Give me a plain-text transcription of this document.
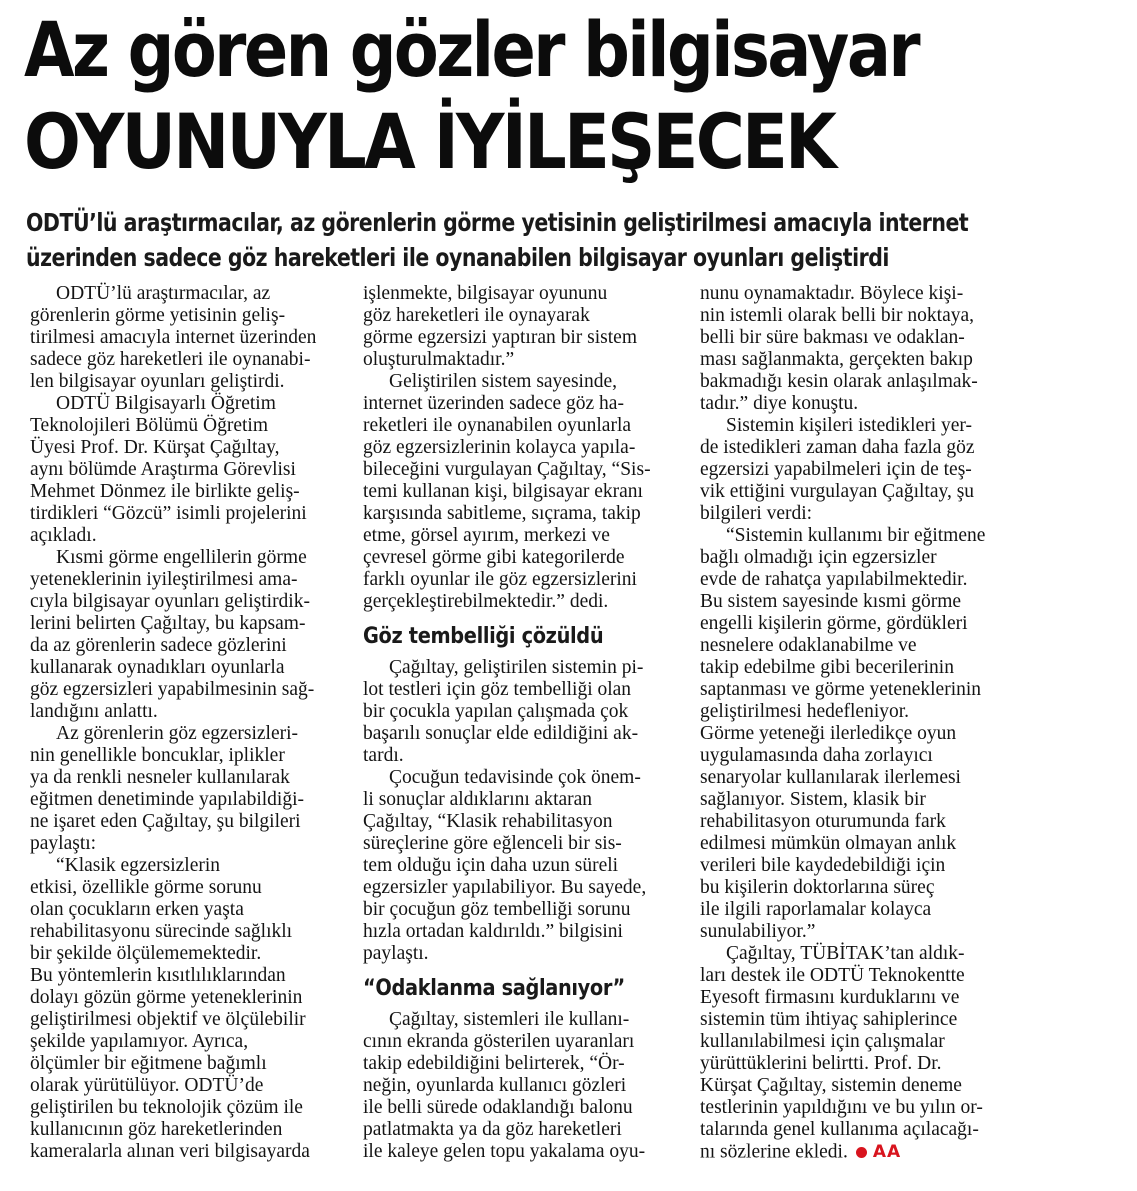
Az gören gözler bilgisayar
OYUNUYLA İYİLEŞECEK
ODTÜ’lü araştırmacılar, az görenlerin görme yetisinin geliştirilmesi amacıyla internet
üzerinden sadece göz hareketleri ile oynanabilen bilgisayar oyunları geliştirdi
ODTÜ’lü araştırmacılar, az
görenlerin görme yetisinin geliş-
tirilmesi amacıyla internet üzerinden
sadece göz hareketleri ile oynanabi-
len bilgisayar oyunları geliştirdi.
ODTÜ Bilgisayarlı Öğretim
Teknolojileri Bölümü Öğretim
Üyesi Prof. Dr. Kürşat Çağıltay,
aynı bölümde Araştırma Görevlisi
Mehmet Dönmez ile birlikte geliş-
tirdikleri “Gözcü” isimli projelerini
açıkladı.
Kısmi görme engellilerin görme
yeteneklerinin iyileştirilmesi ama-
cıyla bilgisayar oyunları geliştirdik-
lerini belirten Çağıltay, bu kapsam-
da az görenlerin sadece gözlerini
kullanarak oynadıkları oyunlarla
göz egzersizleri yapabilmesinin sağ-
landığını anlattı.
Az görenlerin göz egzersizleri-
nin genellikle boncuklar, iplikler
ya da renkli nesneler kullanılarak
eğitmen denetiminde yapılabildiği-
ne işaret eden Çağıltay, şu bilgileri
paylaştı:
“Klasik egzersizlerin
etkisi, özellikle görme sorunu
olan çocukların erken yaşta
rehabilitasyonu sürecinde sağlıklı
bir şekilde ölçülememektedir.
Bu yöntemlerin kısıtlılıklarından
dolayı gözün görme yeteneklerinin
geliştirilmesi objektif ve ölçülebilir
şekilde yapılamıyor. Ayrıca,
ölçümler bir eğitmene bağımlı
olarak yürütülüyor. ODTÜ’de
geliştirilen bu teknolojik çözüm ile
kullanıcının göz hareketlerinden
kameralarla alınan veri bilgisayarda
işlenmekte, bilgisayar oyununu
göz hareketleri ile oynayarak
görme egzersizi yaptıran bir sistem
oluşturulmaktadır.”
Geliştirilen sistem sayesinde,
internet üzerinden sadece göz ha-
reketleri ile oynanabilen oyunlarla
göz egzersizlerinin kolayca yapıla-
bileceğini vurgulayan Çağıltay, “Sis-
temi kullanan kişi, bilgisayar ekranı
karşısında sabitleme, sıçrama, takip
etme, görsel ayırım, merkezi ve
çevresel görme gibi kategorilerde
farklı oyunlar ile göz egzersizlerini
gerçekleştirebilmektedir.” dedi.
Göz tembelliği çözüldü
Çağıltay, geliştirilen sistemin pi-
lot testleri için göz tembelliği olan
bir çocukla yapılan çalışmada çok
başarılı sonuçlar elde edildiğini ak-
tardı.
Çocuğun tedavisinde çok önem-
li sonuçlar aldıklarını aktaran
Çağıltay, “Klasik rehabilitasyon
süreçlerine göre eğlenceli bir sis-
tem olduğu için daha uzun süreli
egzersizler yapılabiliyor. Bu sayede,
bir çocuğun göz tembelliği sorunu
hızla ortadan kaldırıldı.” bilgisini
paylaştı.
“Odaklanma sağlanıyor”
Çağıltay, sistemleri ile kullanı-
cının ekranda gösterilen uyaranları
takip edebildiğini belirterek, “Ör-
neğin, oyunlarda kullanıcı gözleri
ile belli sürede odaklandığı balonu
patlatmakta ya da göz hareketleri
ile kaleye gelen topu yakalama oyu-
nunu oynamaktadır. Böylece kişi-
nin istemli olarak belli bir noktaya,
belli bir süre bakması ve odaklan-
ması sağlanmakta, gerçekten bakıp
bakmadığı kesin olarak anlaşılmak-
tadır.” diye konuştu.
Sistemin kişileri istedikleri yer-
de istedikleri zaman daha fazla göz
egzersizi yapabilmeleri için de teş-
vik ettiğini vurgulayan Çağıltay, şu
bilgileri verdi:
“Sistemin kullanımı bir eğitmene
bağlı olmadığı için egzersizler
evde de rahatça yapılabilmektedir.
Bu sistem sayesinde kısmi görme
engelli kişilerin görme, gördükleri
nesnelere odaklanabilme ve
takip edebilme gibi becerilerinin
saptanması ve görme yeteneklerinin
geliştirilmesi hedefleniyor.
Görme yeteneği ilerledikçe oyun
uygulamasında daha zorlayıcı
senaryolar kullanılarak ilerlemesi
sağlanıyor. Sistem, klasik bir
rehabilitasyon oturumunda fark
edilmesi mümkün olmayan anlık
verileri bile kaydedebildiği için
bu kişilerin doktorlarına süreç
ile ilgili raporlamalar kolayca
sunulabiliyor.”
Çağıltay, TÜBİTAK’tan aldık-
ları destek ile ODTÜ Teknokentte
Eyesoft firmasını kurduklarını ve
sistemin tüm ihtiyaç sahiplerince
kullanılabilmesi için çalışmalar
yürüttüklerini belirtti. Prof. Dr.
Kürşat Çağıltay, sistemin deneme
testlerinin yapıldığını ve bu yılın or-
talarında genel kullanıma açılacağı-
nı sözlerine ekledi. AA
